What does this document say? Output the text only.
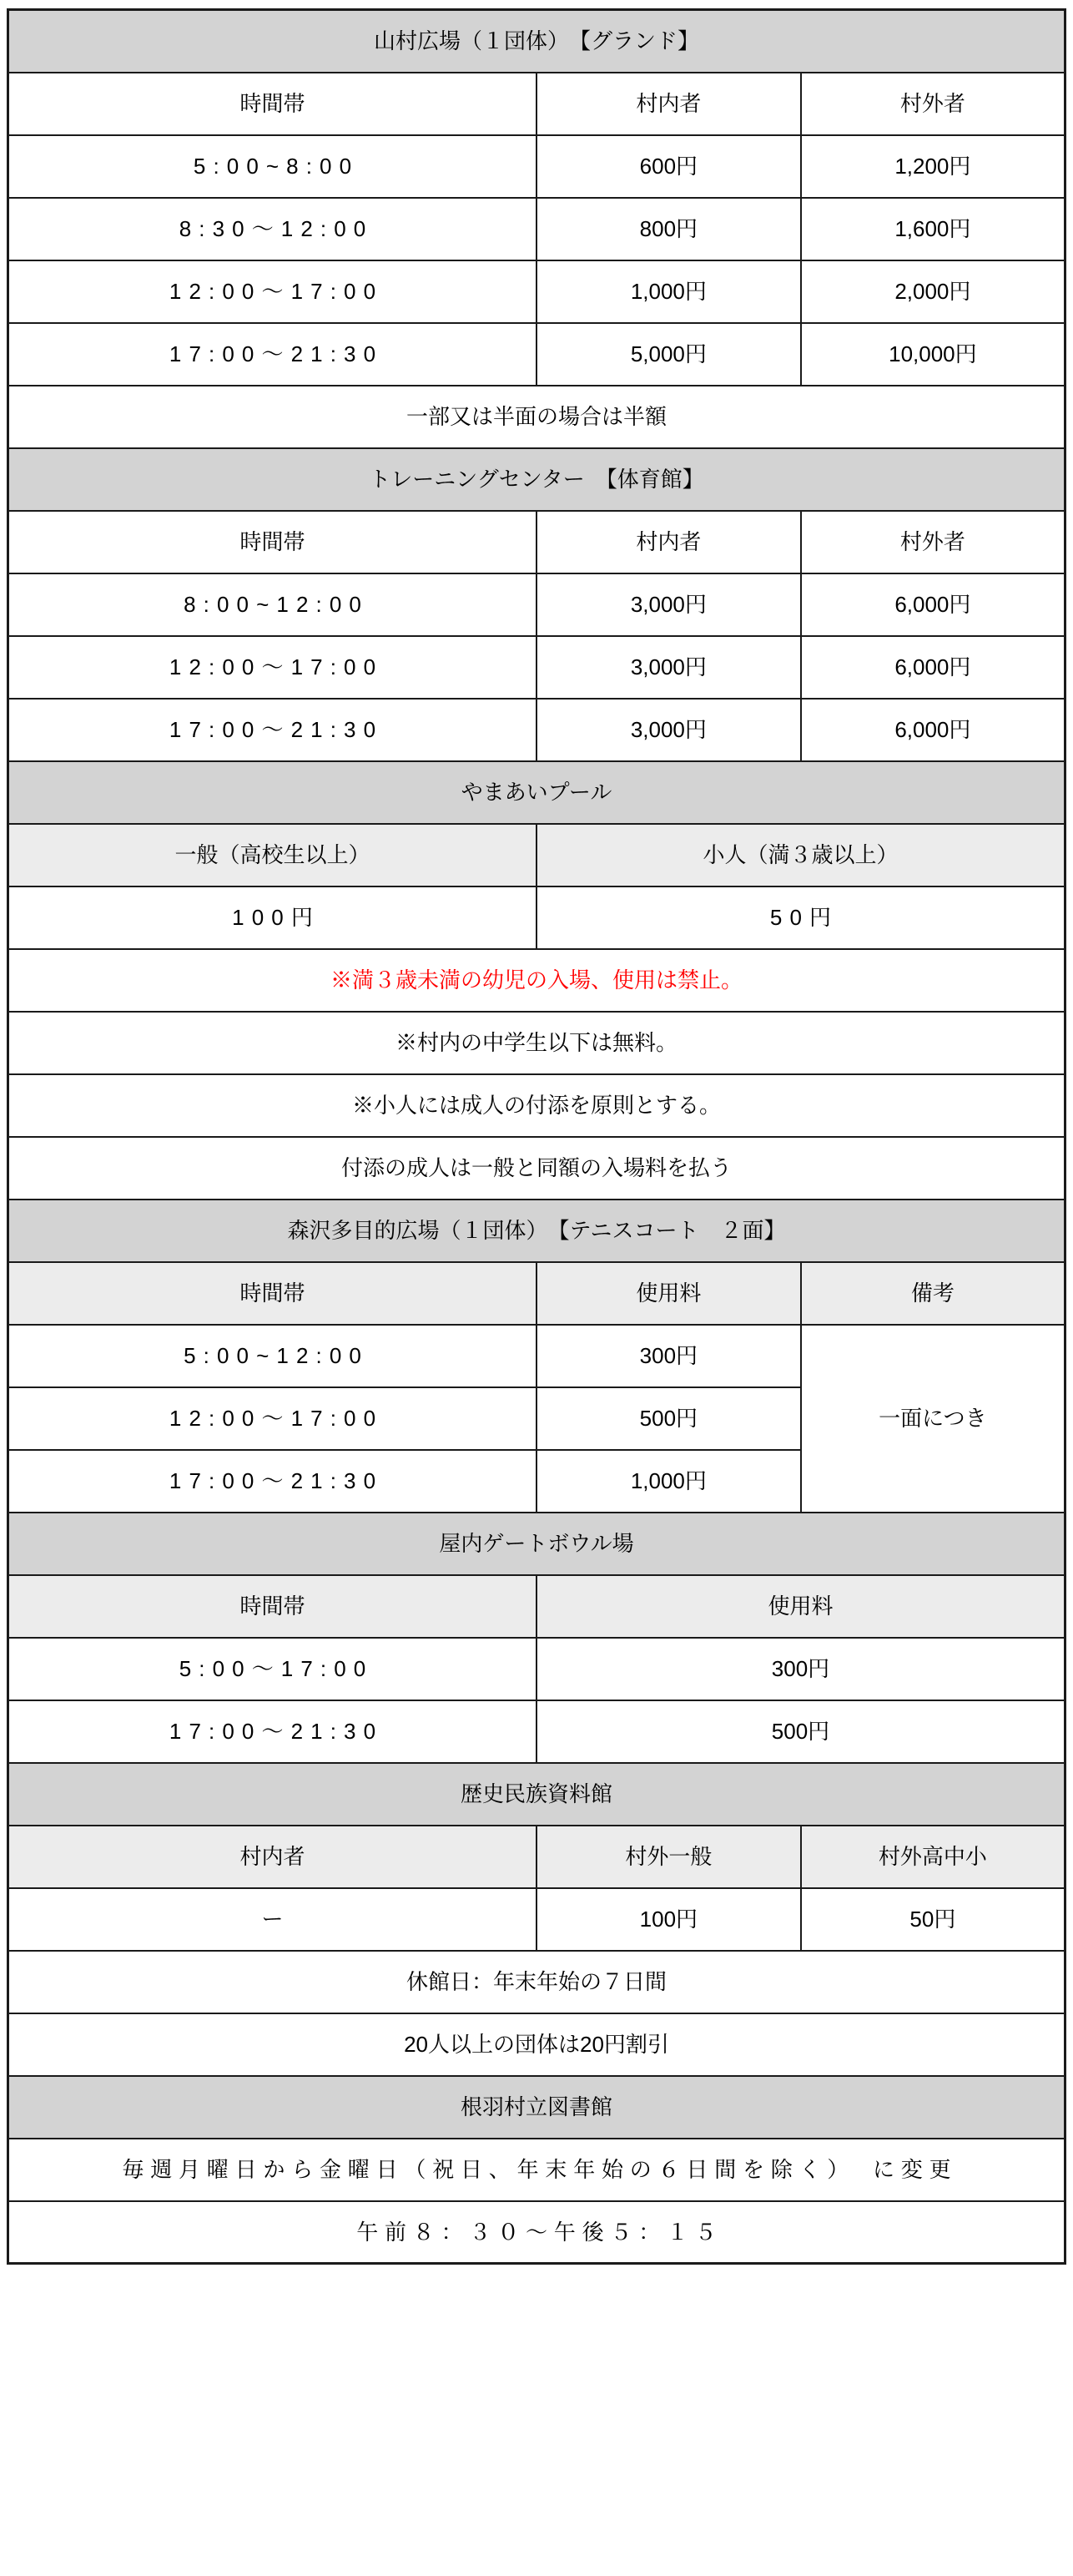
山村広場（１団体）　【グランド】		
時間帯	村内者	村外者
5:00~8:00	600円	1,200円
8:30～12:00	800円	1,600円
12:00～17:00	1,000円	2,000円
17:00～21:30	5,000円	10,000円
一部又は半面の場合は半額		
トレーニングセンター　【体育館】		
時間帯	村内者	村外者
8:00~12:00	3,000円	6,000円
12:00～17:00	3,000円	6,000円
17:00～21:30	3,000円	6,000円
やまあいプール		
一般（高校生以上）	小人（満３歳以上）	
100円	50円	
※満３歳未満の幼児の入場、使用は禁止。		
※村内の中学生以下は無料。		
※小人には成人の付添を原則とする。		
付添の成人は一般と同額の入場料を払う		
森沢多目的広場（１団体）　【テニスコート　２面】		
時間帯	使用料	備考
5:00~12:00	300円	一面につき
12:00～17:00	500円	
17:00～21:30	1,000円	
屋内ゲートボウル場		
時間帯	使用料	
5:00～17:00	300円	
17:00～21:30	500円	
歴史民族資料館		
村内者	村外一般	村外高中小
ー	100円	50円
休館日：年末年始の７日間		
20人以上の団体は20円割引		
根羽村立図書館		
毎週月曜日から金曜日（祝日、年末年始の６日間を除く）　に変更		
午前８：３０～午後５：１５		
